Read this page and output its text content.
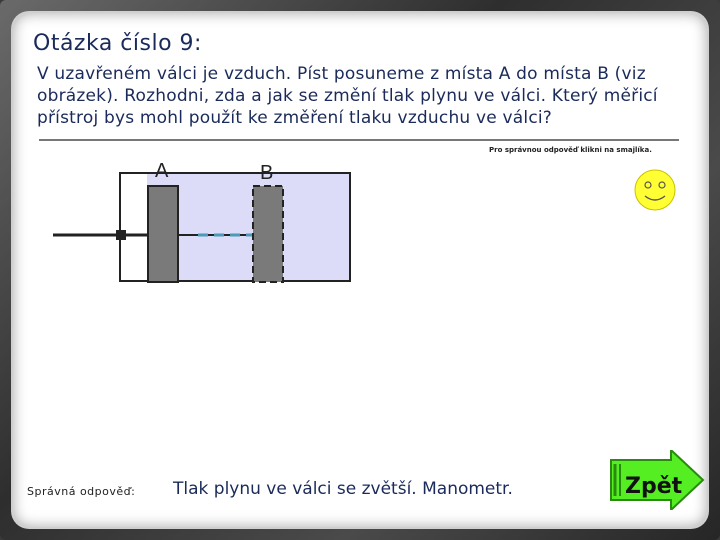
Otázka číslo 9:

V uzavřeném válci je vzduch. Píst posuneme z místa A do místa B (viz obrázek). Rozhodni, zda a jak se změní tlak plynu ve válci. Který měřicí přístroj bys mohl použít ke změření tlaku vzduchu ve válci?

Pro správnou odpověď klikni na smajlíka.
A	B
Správná odpověď: Tlak plynu ve válci se zvětší. Manometr.	Zpět
